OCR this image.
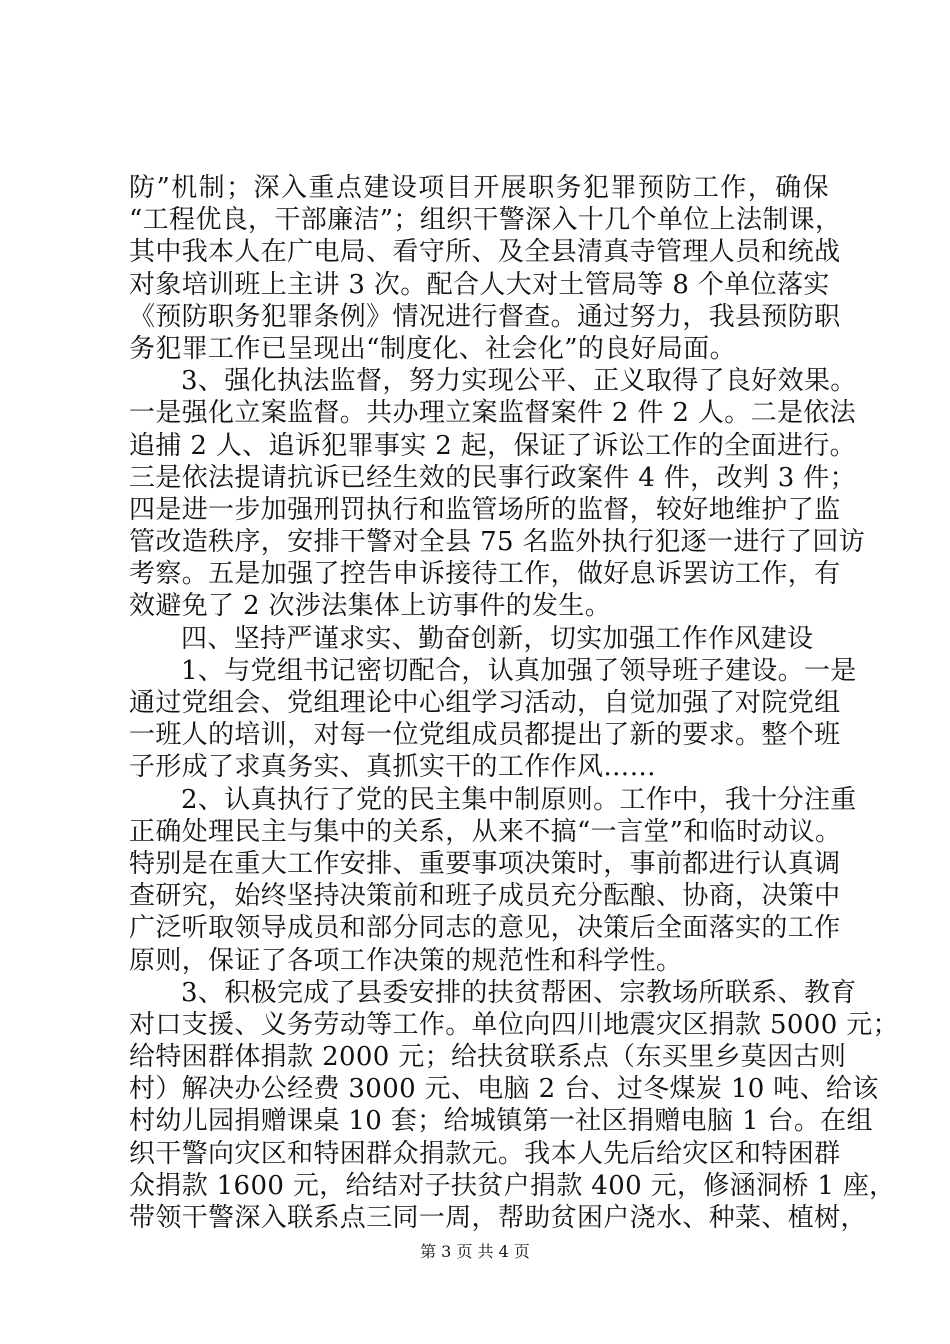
防”机制；深入重点建设项目开展职务犯罪预防工作，确保
“工程优良，干部廉洁”；组织干警深入十几个单位上法制课，
其中我本人在广电局、看守所、及全县清真寺管理人员和统战
对象培训班上主讲 3 次。配合人大对土管局等 8 个单位落实
《预防职务犯罪条例》情况进行督查。通过努力，我县预防职
务犯罪工作已呈现出“制度化、社会化”的良好局面。
3、强化执法监督，努力实现公平、正义取得了良好效果。
一是强化立案监督。共办理立案监督案件 2 件 2 人。二是依法
追捕 2 人、追诉犯罪事实 2 起，保证了诉讼工作的全面进行。
三是依法提请抗诉已经生效的民事行政案件 4 件，改判 3 件；
四是进一步加强刑罚执行和监管场所的监督，较好地维护了监
管改造秩序，安排干警对全县 75 名监外执行犯逐一进行了回访
考察。五是加强了控告申诉接待工作，做好息诉罢访工作，有
效避免了 2 次涉法集体上访事件的发生。
四、坚持严谨求实、勤奋创新，切实加强工作作风建设
1、与党组书记密切配合，认真加强了领导班子建设。一是
通过党组会、党组理论中心组学习活动，自觉加强了对院党组
一班人的培训，对每一位党组成员都提出了新的要求。整个班
子形成了求真务实、真抓实干的工作作风……
2、认真执行了党的民主集中制原则。工作中，我十分注重
正确处理民主与集中的关系，从来不搞“一言堂”和临时动议。
特别是在重大工作安排、重要事项决策时，事前都进行认真调
查研究，始终坚持决策前和班子成员充分酝酿、协商，决策中
广泛听取领导成员和部分同志的意见，决策后全面落实的工作
原则，保证了各项工作决策的规范性和科学性。
3、积极完成了县委安排的扶贫帮困、宗教场所联系、教育
对口支援、义务劳动等工作。单位向四川地震灾区捐款 5000 元；
给特困群体捐款 2000 元；给扶贫联系点（东买里乡莫因古则
村）解决办公经费 3000 元、电脑 2 台、过冬煤炭 10 吨、给该
村幼儿园捐赠课桌 10 套；给城镇第一社区捐赠电脑 1 台。在组
织干警向灾区和特困群众捐款元。我本人先后给灾区和特困群
众捐款 1600 元，给结对子扶贫户捐款 400 元，修涵洞桥 1 座，
带领干警深入联系点三同一周，帮助贫困户浇水、种菜、植树，
第 3 页 共 4 页
